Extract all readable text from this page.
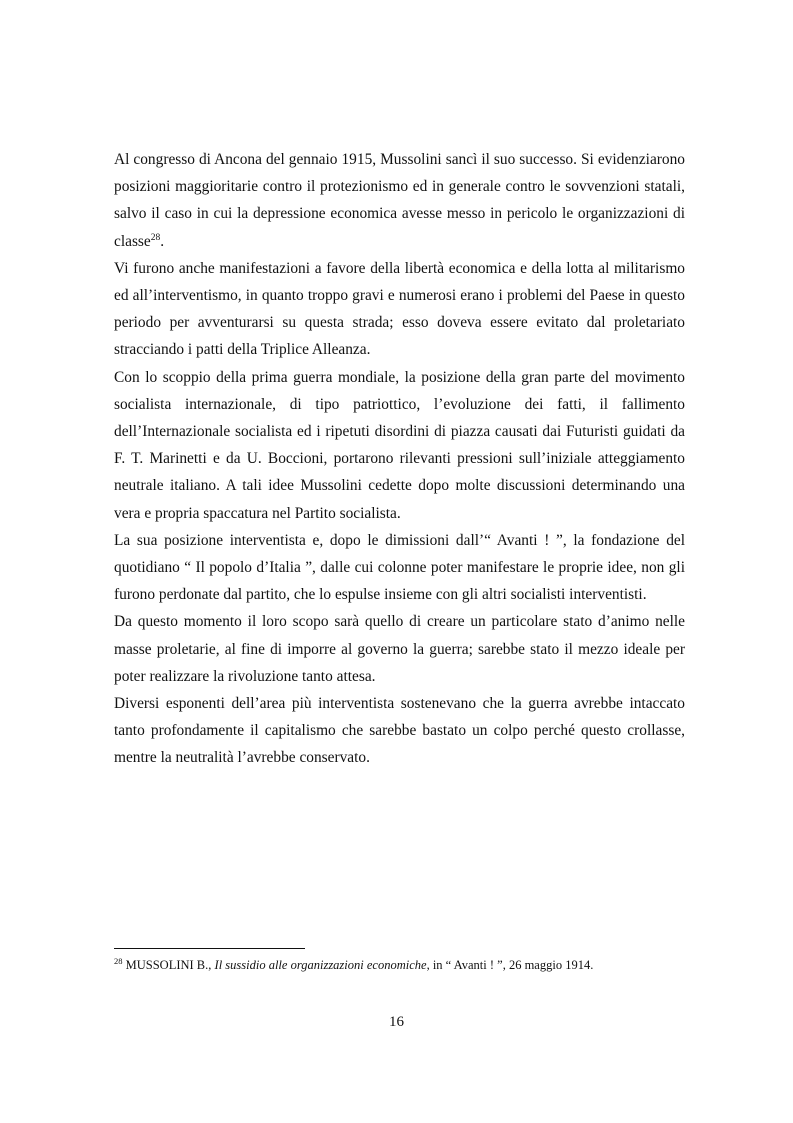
Al congresso di Ancona del gennaio 1915, Mussolini sancì il suo successo. Si evidenziarono posizioni maggioritarie contro il protezionismo ed in generale contro le sovvenzioni statali, salvo il caso in cui la depressione economica avesse messo in pericolo le organizzazioni di classe$^{28}$.

Vi furono anche manifestazioni a favore della libertà economica e della lotta al militarismo ed all’interventismo, in quanto troppo gravi e numerosi erano i problemi del Paese in questo periodo per avventurarsi su questa strada; esso doveva essere evitato dal proletariato stracciando i patti della Triplice Alleanza.

Con lo scoppio della prima guerra mondiale, la posizione della gran parte del movimento socialista internazionale, di tipo patriottico, l’evoluzione dei fatti, il fallimento dell’Internazionale socialista ed i ripetuti disordini di piazza causati dai Futuristi guidati da F. T. Marinetti e da U. Boccioni, portarono rilevanti pressioni sull’iniziale atteggiamento neutrale italiano. A tali idee Mussolini cedette dopo molte discussioni determinando una vera e propria spaccatura nel Partito socialista.

La sua posizione interventista e, dopo le dimissioni dall’“ Avanti ! ”, la fondazione del quotidiano “ Il popolo d’Italia ”, dalle cui colonne poter manifestare le proprie idee, non gli furono perdonate dal partito, che lo espulse insieme con gli altri socialisti interventisti.

Da questo momento il loro scopo sarà quello di creare un particolare stato d’animo nelle masse proletarie, al fine di imporre al governo la guerra; sarebbe stato il mezzo ideale per poter realizzare la rivoluzione tanto attesa.

Diversi esponenti dell’area più interventista sostenevano che la guerra avrebbe intaccato tanto profondamente il capitalismo che sarebbe bastato un colpo perché questo crollasse, mentre la neutralità l’avrebbe conservato.

$^{28}$ MUSSOLINI B., Il sussidio alle organizzazioni economiche, in “ Avanti ! ”, 26 maggio 1914.
16
